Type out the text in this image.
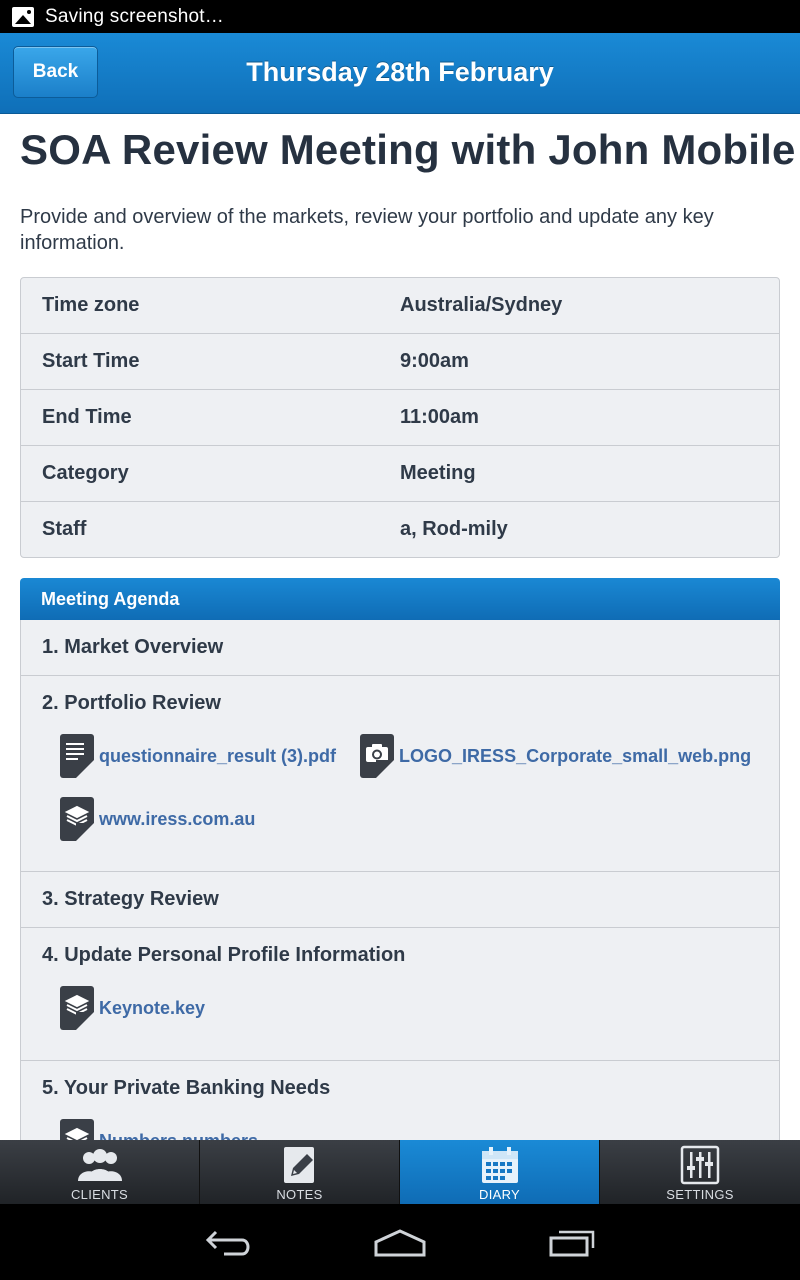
Saving screenshot…
Thursday 28th February
Back
SOA Review Meeting with John Mobile
Provide and overview of the markets, review your portfolio and update any key information.
Time zone	Australia/Sydney
Start Time	9:00am
End Time	11:00am
Category	Meeting
Staff	a, Rod-mily
Meeting Agenda
1. Market Overview
2. Portfolio Review
questionnaire_result (3).pdf	LOGO_IRESS_Corporate_small_web.png
www.iress.com.au
3. Strategy Review
4. Update Personal Profile Information
Keynote.key
5. Your Private Banking Needs
CLIENTS	NOTES	DIARY	SETTINGS
